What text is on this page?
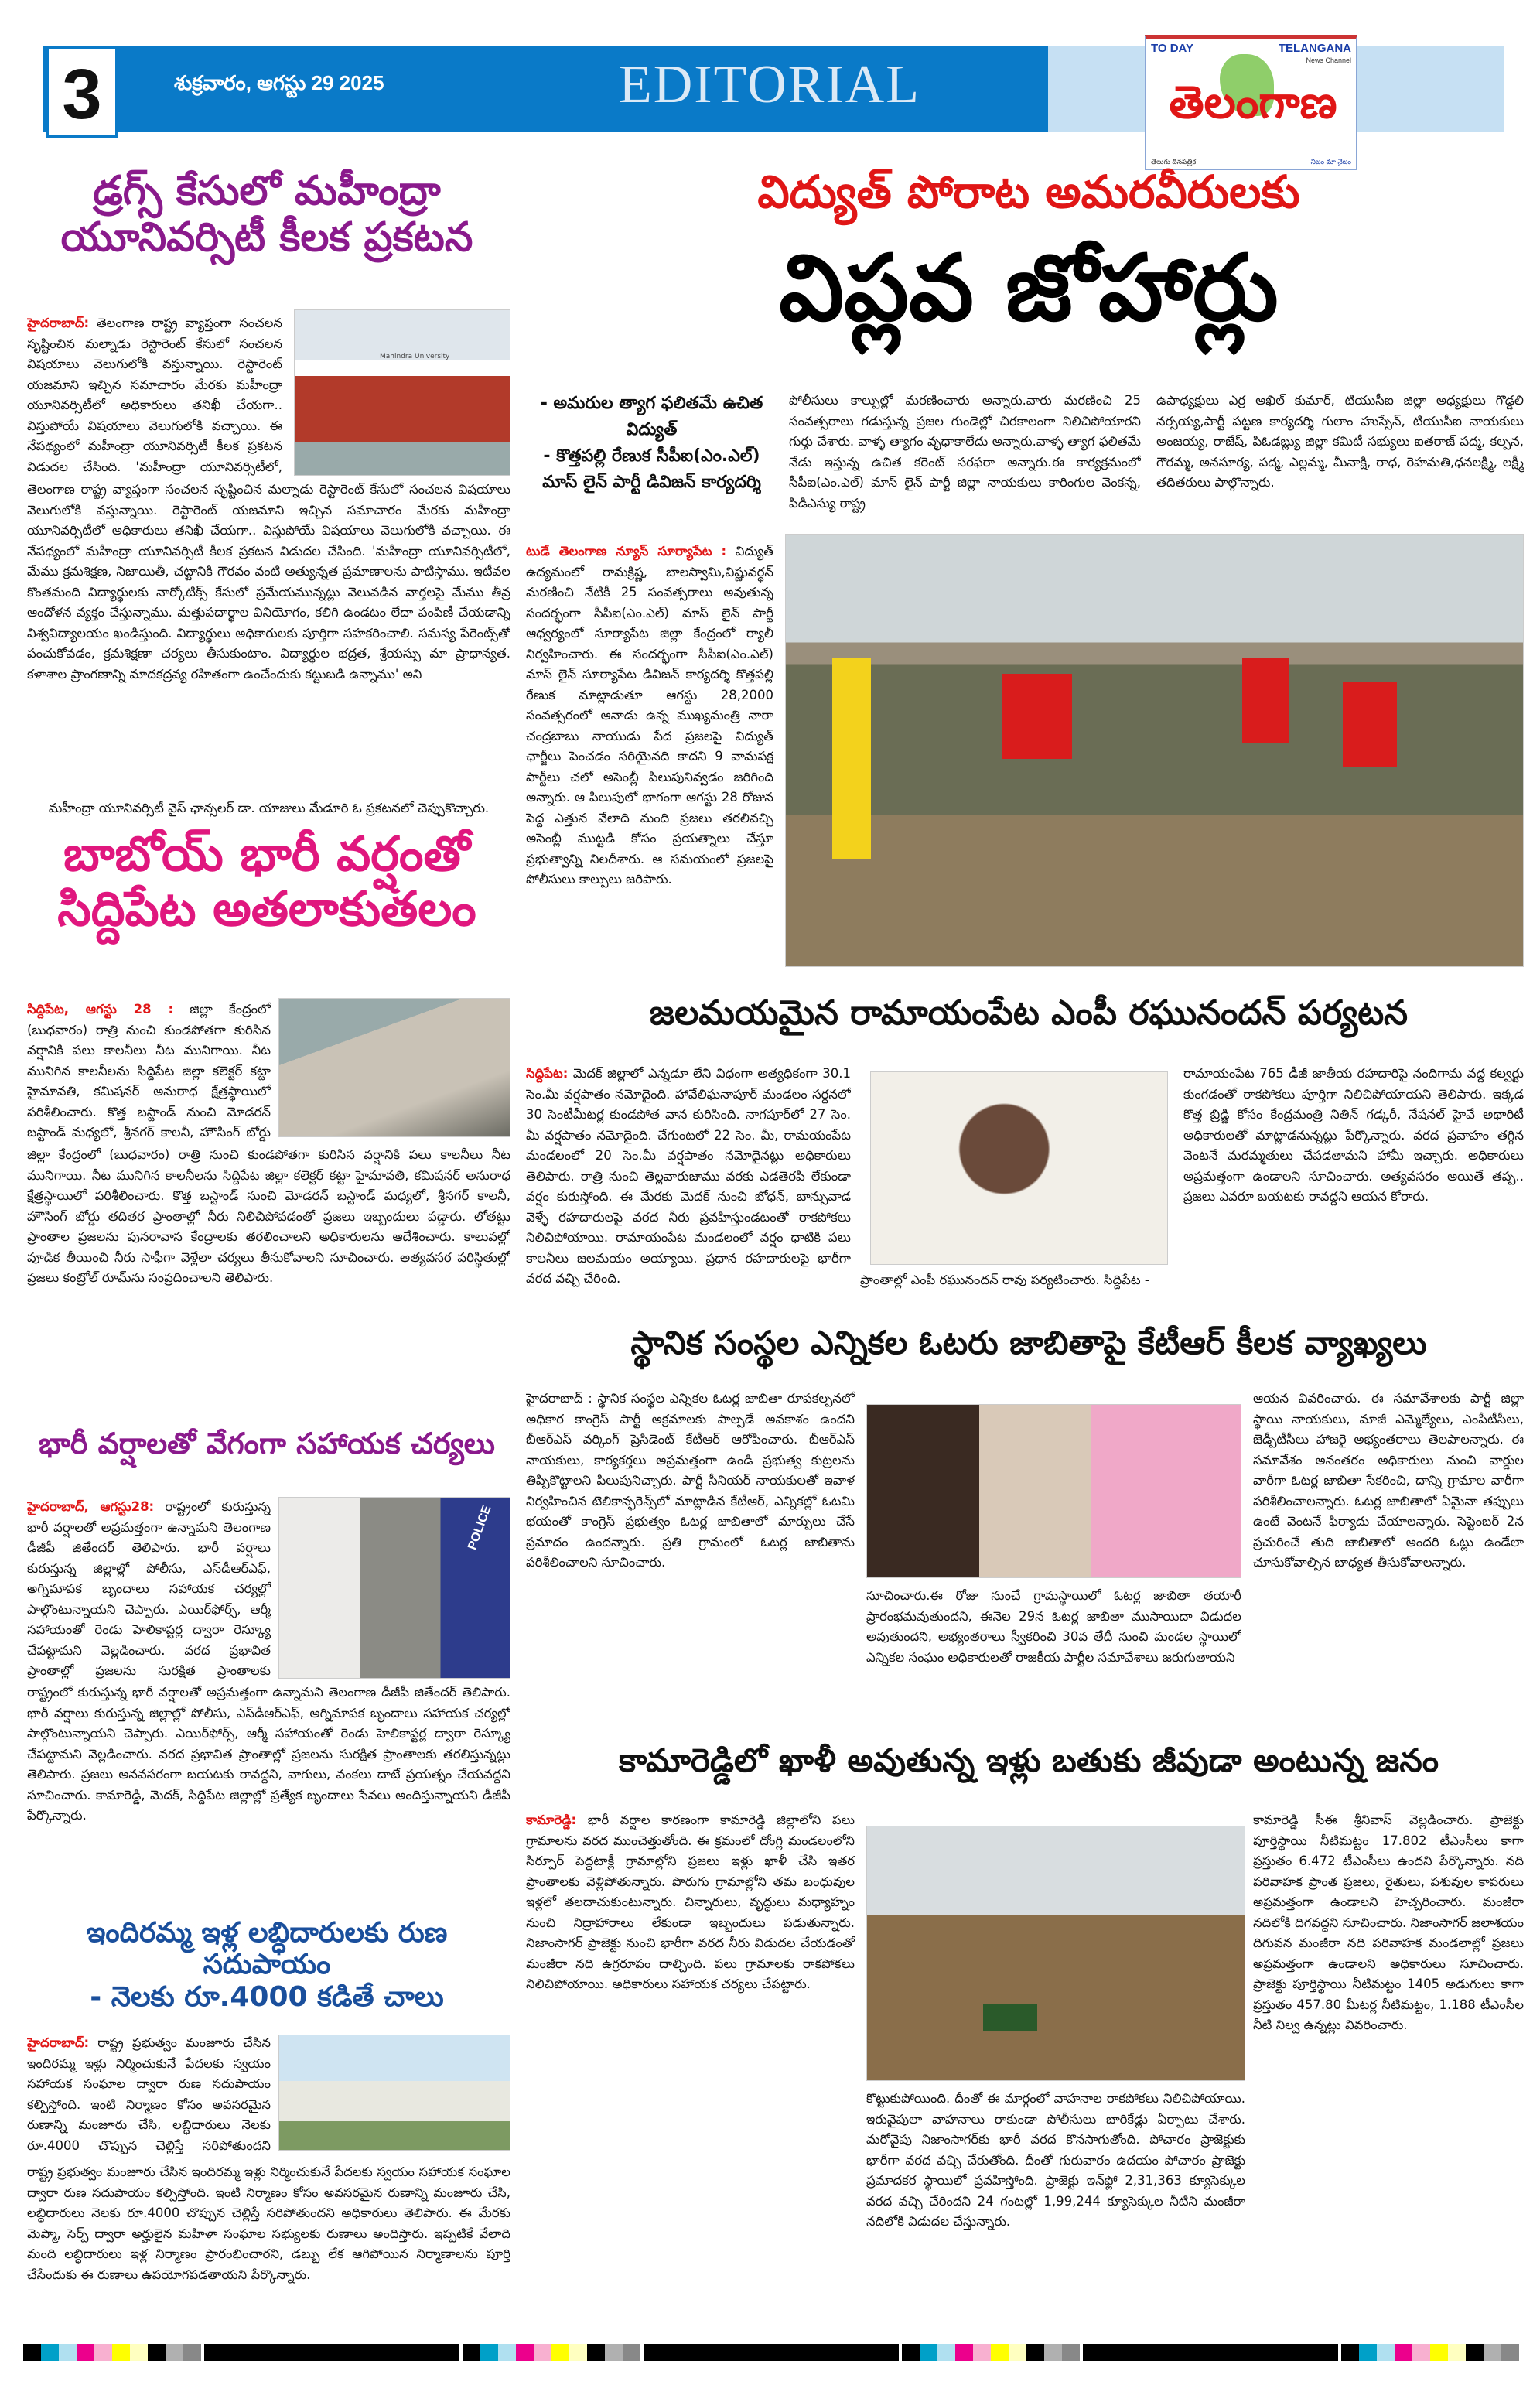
3	శుక్రవారం, ఆగస్టు 29 2025	EDITORIAL
TO DAY	TELANGANA
News Channel
తెలంగాణ
తెలుగు దినపత్రిక	నిజం మా నైజం
డ్రగ్స్ కేసులో మహీంద్రా యూనివర్సిటీ కీలక ప్రకటన
Mahindra University
హైదరాబాద్: తెలంగాణ రాష్ట్ర వ్యాప్తంగా సంచలన సృష్టించిన మల్నాడు రెస్టారెంట్ కేసులో సంచలన విషయాలు వెలుగులోకి వస్తున్నాయి. రెస్టారెంట్ యజమాని ఇచ్చిన సమాచారం మేరకు మహీంద్రా యూనివర్సిటీలో అధికారులు తనిఖీ చేయగా.. విస్తుపోయే విషయాలు వెలుగులోకి వచ్చాయి. ఈ నేపథ్యంలో మహీంద్రా యూనివర్సిటీ కీలక ప్రకటన విడుదల చేసింది. 'మహీంద్రా యూనివర్సిటీలో,
తెలంగాణ రాష్ట్ర వ్యాప్తంగా సంచలన సృష్టించిన మల్నాడు రెస్టారెంట్ కేసులో సంచలన విషయాలు వెలుగులోకి వస్తున్నాయి. రెస్టారెంట్ యజమాని ఇచ్చిన సమాచారం మేరకు మహీంద్రా యూనివర్సిటీలో అధికారులు తనిఖీ చేయగా.. విస్తుపోయే విషయాలు వెలుగులోకి వచ్చాయి. ఈ నేపథ్యంలో మహీంద్రా యూనివర్సిటీ కీలక ప్రకటన విడుదల చేసింది. 'మహీంద్రా యూనివర్సిటీలో, మేము క్రమశిక్షణ, నిజాయితీ, చట్టానికి గౌరవం వంటి అత్యున్నత ప్రమాణాలను పాటిస్తాము. ఇటీవల కొంతమంది విద్యార్థులకు నార్కోటిక్స్ కేసులో ప్రమేయమున్నట్లు వెలువడిన వార్తలపై మేము తీవ్ర ఆందోళన వ్యక్తం చేస్తున్నాము. మత్తుపదార్థాల వినియోగం, కలిగి ఉండటం లేదా పంపిణీ చేయడాన్ని విశ్వవిద్యాలయం ఖండిస్తుంది. విద్యార్థులు అధికారులకు పూర్తిగా సహకరించాలి. సమస్య పేరెంట్స్‌తో పంచుకోవడం, క్రమశిక్షణా చర్యలు తీసుకుంటాం. విద్యార్థుల భద్రత, శ్రేయస్సు మా ప్రాధాన్యత. కళాశాల ప్రాంగణాన్ని మాదకద్రవ్య రహితంగా ఉంచేందుకు కట్టుబడి ఉన్నాము' అని
మహీంద్రా యూనివర్సిటీ వైస్ ఛాన్సలర్ డా. యాజులు మేడూరి ఓ ప్రకటనలో చెప్పుకొచ్చారు.
బాబోయ్ భారీ వర్షంతో సిద్దిపేట అతలాకుతలం
సిద్దిపేట, ఆగస్టు 28 : జిల్లా కేంద్రంలో (బుధవారం) రాత్రి నుంచి కుండపోతగా కురిసిన వర్షానికి పలు కాలనీలు నీట మునిగాయి. నీట మునిగిన కాలనీలను సిద్దిపేట జిల్లా కలెక్టర్ కట్టా హైమావతి, కమిషనర్ అనురాధ క్షేత్రస్థాయిలో పరిశీలించారు. కొత్త బస్టాండ్ నుంచి మోడరన్ బస్టాండ్ మధ్యలో, శ్రీనగర్ కాలనీ, హౌసింగ్ బోర్డు
జిల్లా కేంద్రంలో (బుధవారం) రాత్రి నుంచి కుండపోతగా కురిసిన వర్షానికి పలు కాలనీలు నీట మునిగాయి. నీట మునిగిన కాలనీలను సిద్దిపేట జిల్లా కలెక్టర్ కట్టా హైమావతి, కమిషనర్ అనురాధ క్షేత్రస్థాయిలో పరిశీలించారు. కొత్త బస్టాండ్ నుంచి మోడరన్ బస్టాండ్ మధ్యలో, శ్రీనగర్ కాలనీ, హౌసింగ్ బోర్డు తదితర ప్రాంతాల్లో నీరు నిలిచిపోవడంతో ప్రజలు ఇబ్బందులు పడ్డారు. లోతట్టు ప్రాంతాల ప్రజలను పునరావాస కేంద్రాలకు తరలించాలని అధికారులను ఆదేశించారు. కాలువల్లో పూడిక తీయించి నీరు సాఫీగా వెళ్లేలా చర్యలు తీసుకోవాలని సూచించారు. అత్యవసర పరిస్థితుల్లో ప్రజలు కంట్రోల్ రూమ్‌ను సంప్రదించాలని తెలిపారు.
భారీ వర్షాలతో వేగంగా సహాయక చర్యలు
POLICE
హైదరాబాద్, ఆగస్టు28: రాష్ట్రంలో కురుస్తున్న భారీ వర్షాలతో అప్రమత్తంగా ఉన్నామని తెలంగాణ డీజీపీ జితేందర్ తెలిపారు. భారీ వర్షాలు కురుస్తున్న జిల్లాల్లో పోలీసు, ఎస్‌డీఆర్‌ఎఫ్, అగ్నిమాపక బృందాలు సహాయక చర్యల్లో పాల్గొంటున్నాయని చెప్పారు. ఎయిర్‌ఫోర్స్, ఆర్మీ సహాయంతో రెండు హెలికాప్టర్ల ద్వారా రెస్క్యూ చేపట్టామని వెల్లడించారు. వరద ప్రభావిత ప్రాంతాల్లో ప్రజలను సురక్షిత ప్రాంతాలకు
రాష్ట్రంలో కురుస్తున్న భారీ వర్షాలతో అప్రమత్తంగా ఉన్నామని తెలంగాణ డీజీపీ జితేందర్ తెలిపారు. భారీ వర్షాలు కురుస్తున్న జిల్లాల్లో పోలీసు, ఎస్‌డీఆర్‌ఎఫ్, అగ్నిమాపక బృందాలు సహాయక చర్యల్లో పాల్గొంటున్నాయని చెప్పారు. ఎయిర్‌ఫోర్స్, ఆర్మీ సహాయంతో రెండు హెలికాప్టర్ల ద్వారా రెస్క్యూ చేపట్టామని వెల్లడించారు. వరద ప్రభావిత ప్రాంతాల్లో ప్రజలను సురక్షిత ప్రాంతాలకు తరలిస్తున్నట్లు తెలిపారు. ప్రజలు అనవసరంగా బయటకు రావద్దని, వాగులు, వంకలు దాటే ప్రయత్నం చేయవద్దని సూచించారు. కామారెడ్డి, మెదక్, సిద్దిపేట జిల్లాల్లో ప్రత్యేక బృందాలు సేవలు అందిస్తున్నాయని డీజీపీ పేర్కొన్నారు.
ఇందిరమ్మ ఇళ్ల లబ్ధిదారులకు రుణ సదుపాయం
- నెలకు రూ.4000 కడితే చాలు
హైదరాబాద్: రాష్ట్ర ప్రభుత్వం మంజూరు చేసిన ఇందిరమ్మ ఇళ్లు నిర్మించుకునే పేదలకు స్వయం సహాయక సంఘాల ద్వారా రుణ సదుపాయం కల్పిస్తోంది. ఇంటి నిర్మాణం కోసం అవసరమైన రుణాన్ని మంజూరు చేసి, లబ్ధిదారులు నెలకు రూ.4000 చొప్పున చెల్లిస్తే సరిపోతుందని
రాష్ట్ర ప్రభుత్వం మంజూరు చేసిన ఇందిరమ్మ ఇళ్లు నిర్మించుకునే పేదలకు స్వయం సహాయక సంఘాల ద్వారా రుణ సదుపాయం కల్పిస్తోంది. ఇంటి నిర్మాణం కోసం అవసరమైన రుణాన్ని మంజూరు చేసి, లబ్ధిదారులు నెలకు రూ.4000 చొప్పున చెల్లిస్తే సరిపోతుందని అధికారులు తెలిపారు. ఈ మేరకు మెప్మా, సెర్ప్ ద్వారా అర్హులైన మహిళా సంఘాల సభ్యులకు రుణాలు అందిస్తారు. ఇప్పటికే వేలాది మంది లబ్ధిదారులు ఇళ్ల నిర్మాణం ప్రారంభించారని, డబ్బు లేక ఆగిపోయిన నిర్మాణాలను పూర్తి చేసేందుకు ఈ రుణాలు ఉపయోగపడతాయని పేర్కొన్నారు.
విద్యుత్ పోరాట అమరవీరులకు
విప్లవ జోహార్లు
- అమరుల త్యాగ ఫలితమే ఉచిత విద్యుత్
- కొత్తపల్లి రేణుక సీపీఐ(ఎం.ఎల్) మాస్ లైన్ పార్టీ డివిజన్ కార్యదర్శి
పోలీసులు కాల్పుల్లో మరణించారు అన్నారు.వారు మరణించి 25 సంవత్సరాలు గడుస్తున్న ప్రజల గుండెల్లో చిరకాలంగా నిలిచిపోయారని గుర్తు చేశారు. వాళ్ళ త్యాగం వృధాకాలేదు అన్నారు.వాళ్ళ త్యాగ ఫలితమే నేడు ఇస్తున్న ఉచిత కరెంట్ సరఫరా అన్నారు.ఈ కార్యక్రమంలో సీపీఐ(ఎం.ఎల్) మాస్ లైన్ పార్టీ జిల్లా నాయకులు కారింగుల వెంకన్న, పిడిఎస్యు రాష్ట్ర
ఉపాధ్యక్షులు ఎర్ర అఖిల్ కుమార్, టియుసీఐ జిల్లా అధ్యక్షులు గొడ్డలి నర్సయ్య,పార్టీ పట్టణ కార్యదర్శి గులాం హుస్సేన్, టియుసీఐ నాయకులు అంజయ్య, రాజేష్, పిఓడబ్ల్యు జిల్లా కమిటీ సభ్యులు ఐతరాజ్ పద్మ, కల్పన, గౌరమ్మ, అనసూర్య, పద్మ, ఎల్లమ్మ, మీనాక్షి, రాధ, రెహమతి,ధనలక్ష్మి, లక్ష్మీ తదితరులు పాల్గొన్నారు.
టుడే తెలంగాణ న్యూస్ సూర్యాపేట : విద్యుత్ ఉద్యమంలో రామక్రిష్ణ, బాలస్వామి,విష్ణువర్ధన్ మరణించి నేటికీ 25 సంవత్సరాలు అవుతున్న సందర్భంగా సీపీఐ(ఎం.ఎల్) మాస్ లైన్ పార్టీ ఆధ్వర్యంలో సూర్యాపేట జిల్లా కేంద్రంలో ర్యాలీ నిర్వహించారు. ఈ సందర్భంగా సీపీఐ(ఎం.ఎల్) మాస్ లైన్ సూర్యాపేట డివిజన్ కార్యదర్శి కొత్తపల్లి రేణుక మాట్లాడుతూ ఆగస్టు 28,2000 సంవత్సరంలో ఆనాడు ఉన్న ముఖ్యమంత్రి నారా చంద్రబాబు నాయుడు పేద ప్రజలపై విద్యుత్ ఛార్జీలు పెంచడం సరియైనది కాదని 9 వామపక్ష పార్టీలు చలో అసెంబ్లీ పిలుపునివ్వడం జరిగింది అన్నారు. ఆ పిలుపులో భాగంగా ఆగస్టు 28 రోజున పెద్ద ఎత్తున వేలాది మంది ప్రజలు తరలివచ్చి అసెంబ్లీ ముట్టడి కోసం ప్రయత్నాలు చేస్తూ ప్రభుత్వాన్ని నిలదీశారు. ఆ సమయంలో ప్రజలపై పోలీసులు కాల్పులు జరిపారు.
జలమయమైన రామాయంపేట ఎంపీ రఘునందన్ పర్యటన
సిద్దిపేట: మెదక్ జిల్లాలో ఎన్నడూ లేని విధంగా అత్యధికంగా 30.1 సెం.మీ వర్షపాతం నమోదైంది. హావేలిఘనాపూర్ మండలం సర్దనలో 30 సెంటీమీటర్ల కుండపోత వాన కురిసింది. నాగపూర్‌లో 27 సెం. మీ వర్షపాతం నమోదైంది. చేగుంటలో 22 సెం. మీ, రామయంపేట మండలంలో 20 సెం.మీ వర్షపాతం నమోదైనట్లు అధికారులు తెలిపారు. రాత్రి నుంచి తెల్లవారుజాము వరకు ఎడతెరపి లేకుండా వర్షం కురుస్తోంది. ఈ మేరకు మెదక్ నుంచి బోధన్, బాన్సువాడ వెళ్ళే రహదారులపై వరద నీరు ప్రవహిస్తుండటంతో రాకపోకలు నిలిచిపోయాయి. రామాయంపేట మండలంలో వర్షం ధాటికి పలు కాలనీలు జలమయం అయ్యాయి. ప్రధాన రహదారులపై భారీగా వరద వచ్చి చేరింది.	ప్రాంతాల్లో ఎంపీ రఘునందన్ రావు పర్యటించారు. సిద్దిపేట -
రామాయంపేట 765 డీజీ జాతీయ రహదారిపై నందిగామ వద్ద కల్వర్టు కుంగడంతో రాకపోకలు పూర్తిగా నిలిచిపోయాయని తెలిపారు. ఇక్కడ కొత్త బ్రిడ్జి కోసం కేంద్రమంత్రి నితిన్ గడ్కరీ, నేషనల్ హైవే అథారిటీ అధికారులతో మాట్లాడనున్నట్లు పేర్కొన్నారు. వరద ప్రవాహం తగ్గిన వెంటనే మరమ్మతులు చేపడతామని హామీ ఇచ్చారు. అధికారులు అప్రమత్తంగా ఉండాలని సూచించారు. అత్యవసరం అయితే తప్ప.. ప్రజలు ఎవరూ బయటకు రావద్దని ఆయన కోరారు.
స్థానిక సంస్థల ఎన్నికల ఓటరు జాబితాపై కేటీఆర్ కీలక వ్యాఖ్యలు
హైదరాబాద్ : స్థానిక సంస్థల ఎన్నికల ఓటర్ల జాబితా రూపకల్పనలో అధికార కాంగ్రెస్ పార్టీ అక్రమాలకు పాల్పడే అవకాశం ఉందని బీఆర్‌ఎస్ వర్కింగ్ ప్రెసిడెంట్ కేటీఆర్ ఆరోపించారు. బీఆర్‌ఎస్ నాయకులు, కార్యకర్తలు అప్రమత్తంగా ఉండి ప్రభుత్వ కుట్రలను తిప్పికొట్టాలని పిలుపునిచ్చారు. పార్టీ సీనియర్ నాయకులతో ఇవాళ నిర్వహించిన టెలికాన్ఫరెన్స్‌లో మాట్లాడిన కేటీఆర్, ఎన్నికల్లో ఓటమి భయంతో కాంగ్రెస్ ప్రభుత్వం ఓటర్ల జాబితాలో మార్పులు చేసే ప్రమాదం ఉందన్నారు. ప్రతి గ్రామంలో ఓటర్ల జాబితాను పరిశీలించాలని సూచించారు.
సూచించారు.ఈ రోజు నుంచే గ్రామస్థాయిలో ఓటర్ల జాబితా తయారీ ప్రారంభమవుతుందని, ఈనెల 29న ఓటర్ల జాబితా ముసాయిదా విడుదల అవుతుందని, అభ్యంతరాలు స్వీకరించి 30వ తేదీ నుంచి మండల స్థాయిలో ఎన్నికల సంఘం అధికారులతో రాజకీయ పార్టీల సమావేశాలు జరుగుతాయని
ఆయన వివరించారు. ఈ సమావేశాలకు పార్టీ జిల్లా స్థాయి నాయకులు, మాజీ ఎమ్మెల్యేలు, ఎంపీటీసీలు, జెడ్పీటీసీలు హాజరై అభ్యంతరాలు తెలపాలన్నారు. ఈ సమావేశం అనంతరం అధికారులు నుంచి వార్డుల వారీగా ఓటర్ల జాబితా సేకరించి, దాన్ని గ్రామాల వారీగా పరిశీలించాలన్నారు. ఓటర్ల జాబితాలో ఏమైనా తప్పులు ఉంటే వెంటనే ఫిర్యాదు చేయాలన్నారు. సెప్టెంబర్ 2న ప్రచురించే తుది జాబితాలో అందరి ఓట్లు ఉండేలా చూసుకోవాల్సిన బాధ్యత తీసుకోవాలన్నారు.
కామారెడ్డిలో ఖాళీ అవుతున్న ఇళ్లు బతుకు జీవుడా అంటున్న జనం
కామారెడ్డి: భారీ వర్షాల కారణంగా కామారెడ్డి జిల్లాలోని పలు గ్రామాలను వరద ముంచెత్తుతోంది. ఈ క్రమంలో దోంగ్లి మండలంలోని సిర్పూర్ పెద్దటాక్లీ గ్రామాల్లోని ప్రజలు ఇళ్లు ఖాళీ చేసి ఇతర ప్రాంతాలకు వెళ్లిపోతున్నారు. పొరుగు గ్రామాల్లోని తమ బంధువుల ఇళ్లలో తలదాచుకుంటున్నారు. చిన్నారులు, వృద్ధులు మధ్యాహ్నం నుంచి నిద్రాహారాలు లేకుండా ఇబ్బందులు పడుతున్నారు. నిజాంసాగర్ ప్రాజెక్టు నుంచి భారీగా వరద నీరు విడుదల చేయడంతో మంజీరా నది ఉగ్రరూపం దాల్చింది. పలు గ్రామాలకు రాకపోకలు నిలిచిపోయాయి. అధికారులు సహాయక చర్యలు చేపట్టారు.
కొట్టుకుపోయింది. దీంతో ఈ మార్గంలో వాహనాల రాకపోకలు నిలిచిపోయాయి. ఇరువైపులా వాహనాలు రాకుండా పోలీసులు బారికేడ్లు ఏర్పాటు చేశారు. మరోవైపు నిజాంసాగర్‌కు భారీ వరద కొనసాగుతోంది. పోచారం ప్రాజెక్టుకు భారీగా వరద వచ్చి చేరుతోంది. దీంతో గురువారం ఉదయం పోచారం ప్రాజెక్టు ప్రమాదకర స్థాయిలో ప్రవహిస్తోంది. ప్రాజెక్టు ఇన్‌ఫ్లో 2,31,363 క్యూసెక్కుల వరద వచ్చి చేరిందని 24 గంటల్లో 1,99,244 క్యూసెక్కుల నీటిని మంజీరా నదిలోకి విడుదల చేస్తున్నారు.
కామారెడ్డి సీఈ శ్రీనివాస్ వెల్లడించారు. ప్రాజెక్టు పూర్తిస్థాయి నీటిమట్టం 17.802 టీఎంసీలు కాగా ప్రస్తుతం 6.472 టీఎంసీలు ఉందని పేర్కొన్నారు. నది పరివాహక ప్రాంత ప్రజలు, రైతులు, పశువుల కాపరులు అప్రమత్తంగా ఉండాలని హెచ్చరించారు. మంజీరా నదిలోకి దిగవద్దని సూచించారు. నిజాంసాగర్ జలాశయం దిగువన మంజీరా నది పరివాహక మండలాల్లో ప్రజలు అప్రమత్తంగా ఉండాలని అధికారులు సూచించారు. ప్రాజెక్టు పూర్తిస్థాయి నీటిమట్టం 1405 అడుగులు కాగా ప్రస్తుతం 457.80 మీటర్ల నీటిమట్టం, 1.188 టీఎంసీల నీటి నిల్వ ఉన్నట్లు వివరించారు.
